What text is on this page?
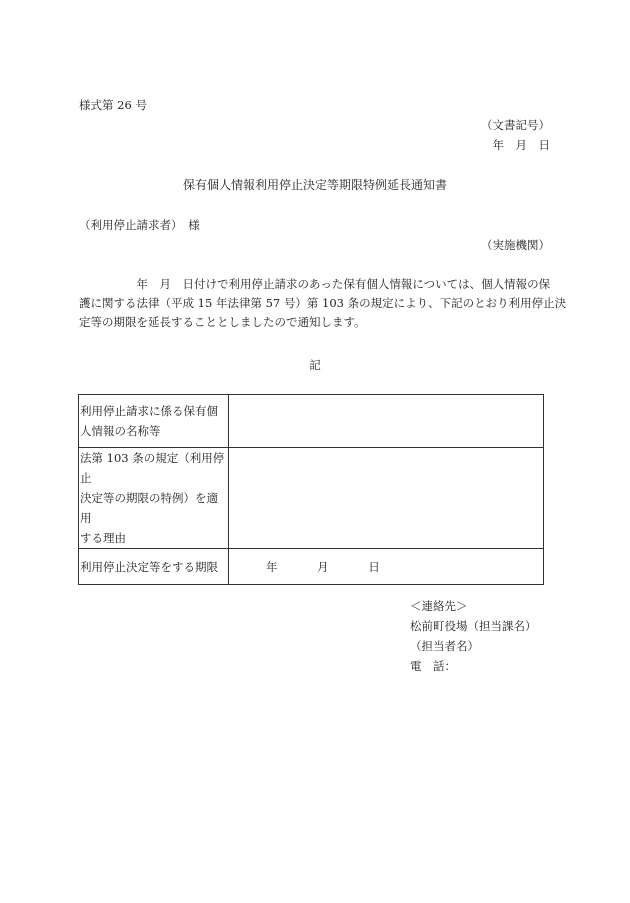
様式第 26 号
（文書記号）
年　月　日
保有個人情報利用停止決定等期限特例延長通知書
（利用停止請求者）　様
（実施機関）
　　　　　年　月　日付けで利用停止請求のあった保有個人情報については、個人情報の保
護に関する法律（平成 15 年法律第 57 号）第 103 条の規定により、下記のとおり利用停止決
定等の期限を延長することとしましたので通知します。
記
利用停止請求に係る保有個
人情報の名称等	

法第 103 条の規定（利用停止
決定等の期限の特例）を適用
する理由	

利用停止決定等をする期限	年 月 日
＜連絡先＞
松前町役場（担当課名）
（担当者名）
電　話：
